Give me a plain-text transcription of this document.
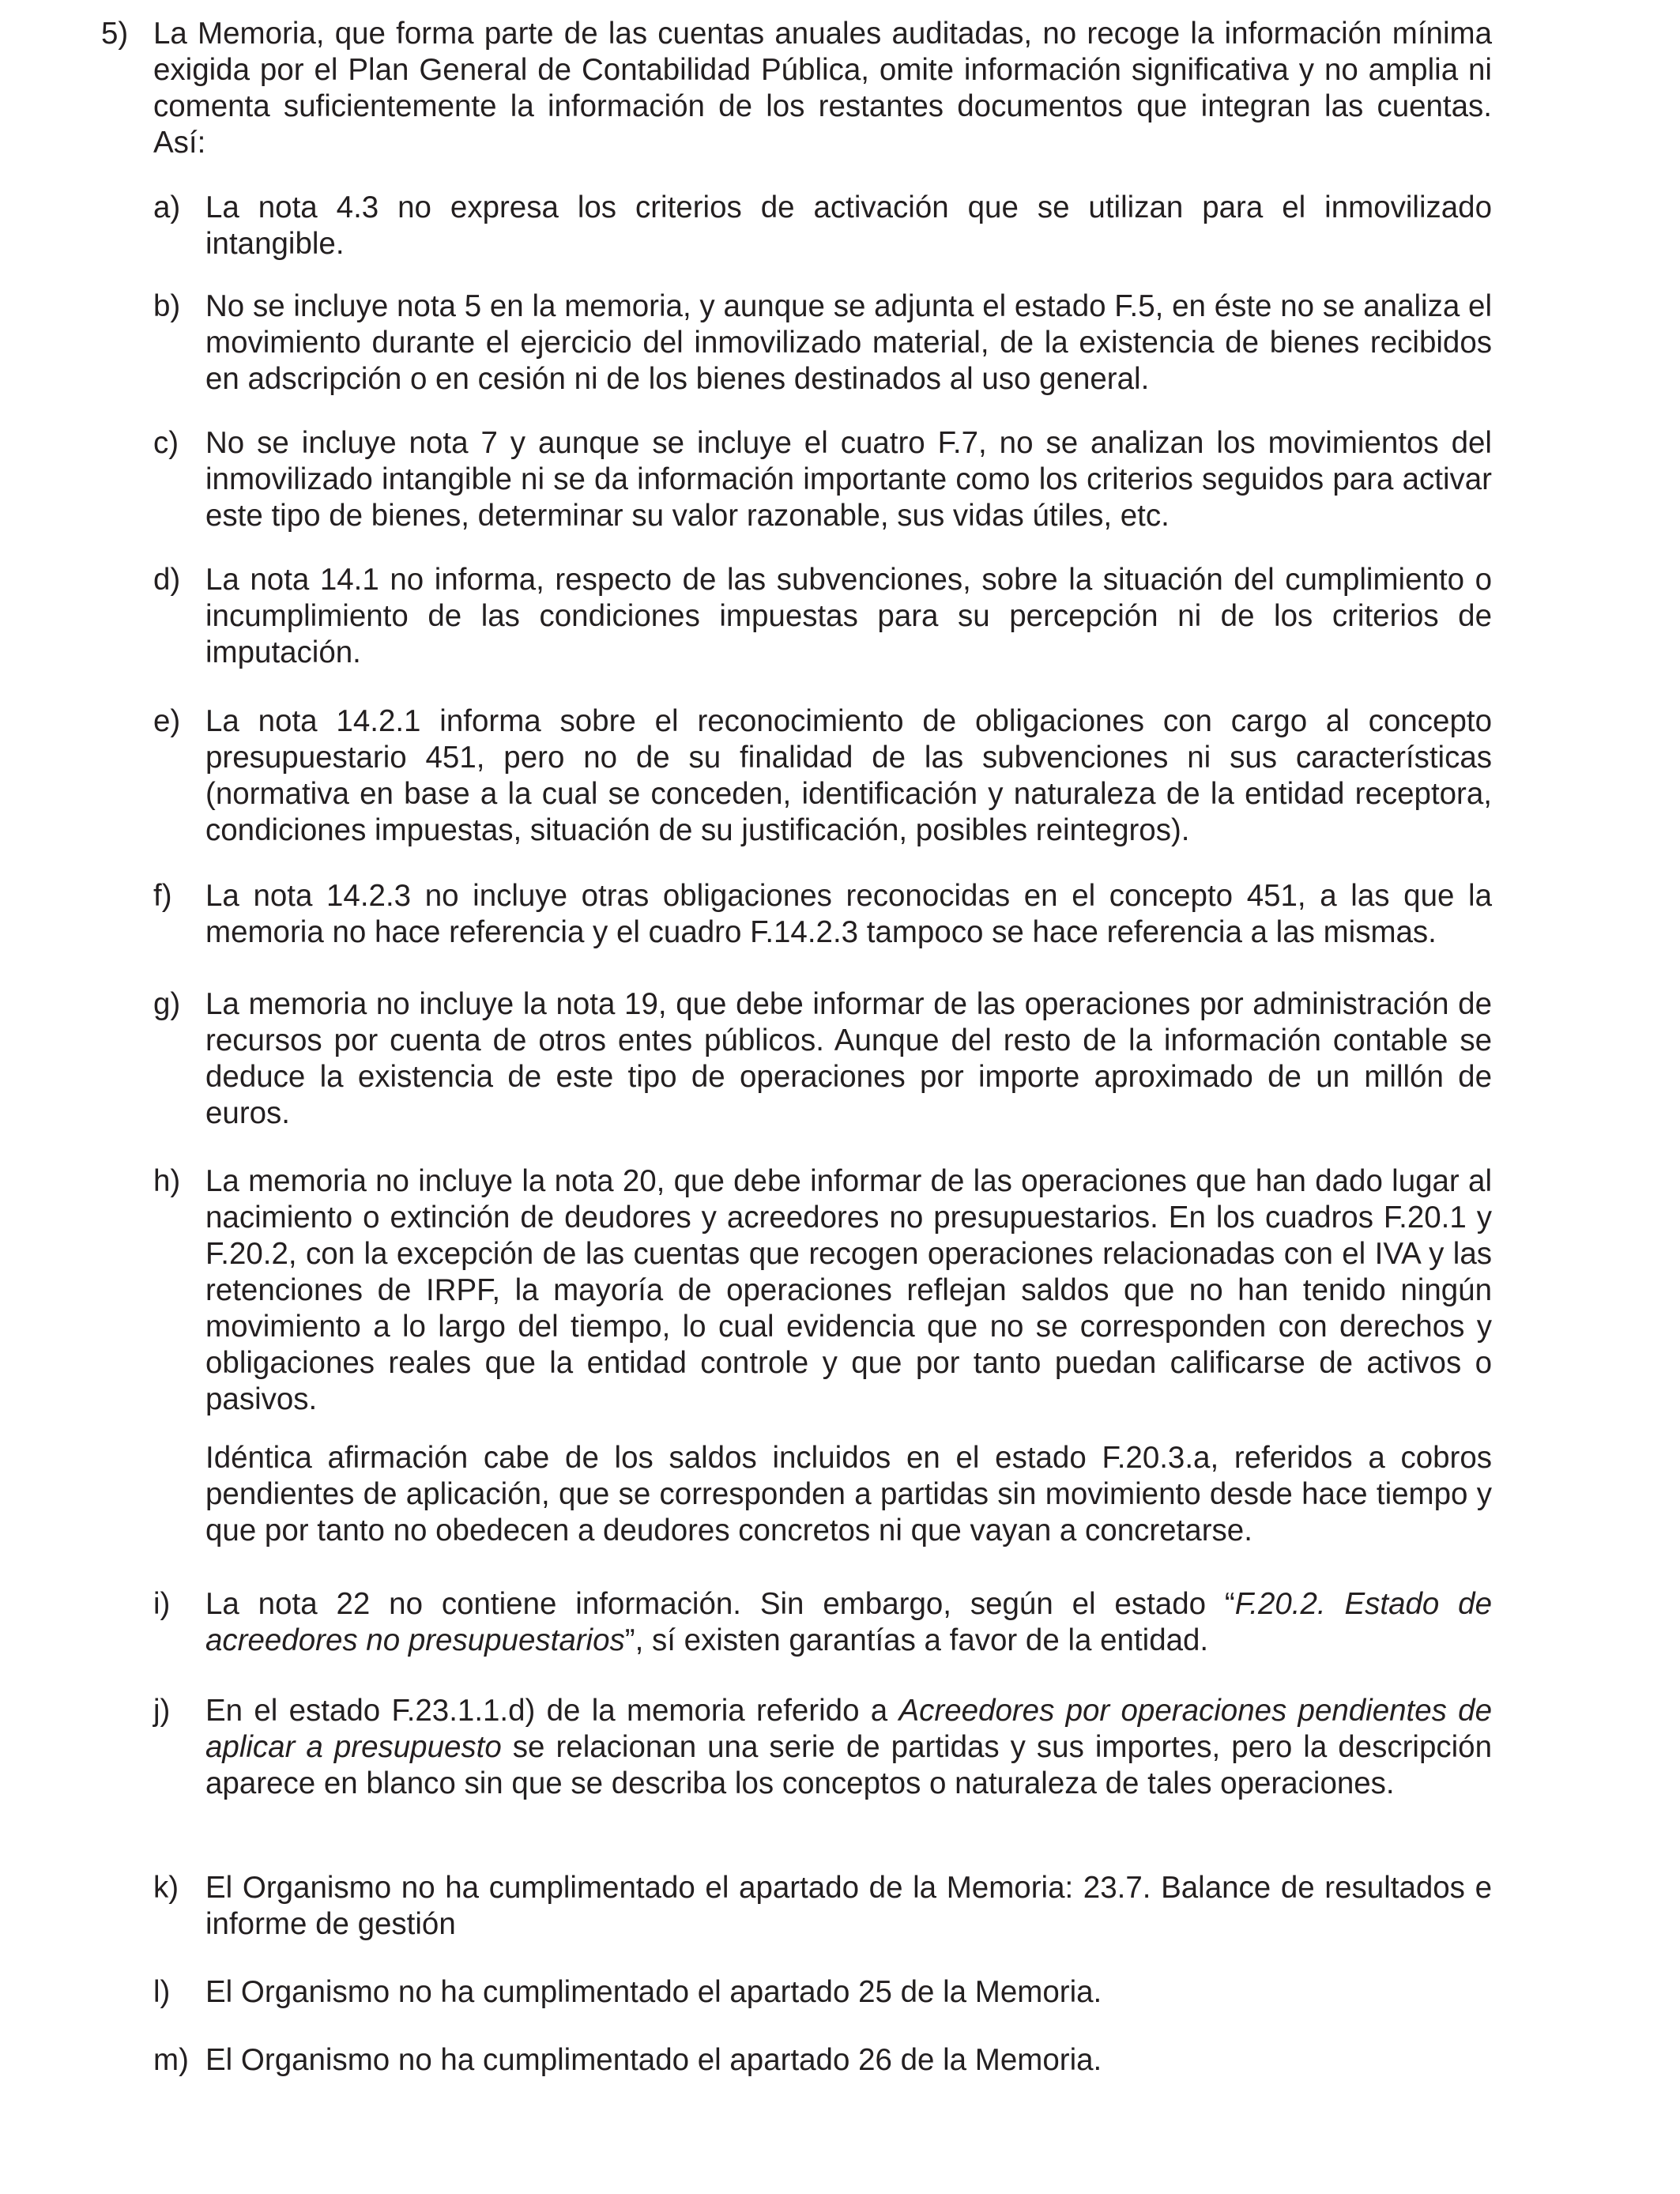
5) La Memoria, que forma parte de las cuentas anuales auditadas, no recoge la información mínima exigida por el Plan General de Contabilidad Pública, omite información significativa y no amplia ni comenta suficientemente la información de los restantes documentos que integran las cuentas. Así:
a) La nota 4.3 no expresa los criterios de activación que se utilizan para el inmovilizado intangible.
b) No se incluye nota 5 en la memoria, y aunque se adjunta el estado F.5, en éste no se analiza el movimiento durante el ejercicio del inmovilizado material, de la existencia de bienes recibidos en adscripción o en cesión ni de los bienes destinados al uso general.
c) No se incluye nota 7 y aunque se incluye el cuatro F.7, no se analizan los movimientos del inmovilizado intangible ni se da información importante como los criterios seguidos para activar este tipo de bienes, determinar su valor razonable, sus vidas útiles, etc.
d) La nota 14.1 no informa, respecto de las subvenciones, sobre la situación del cumplimiento o incumplimiento de las condiciones impuestas para su percepción ni de los criterios de imputación.
e) La nota 14.2.1 informa sobre el reconocimiento de obligaciones con cargo al concepto presupuestario 451, pero no de su finalidad de las subvenciones ni sus características (normativa en base a la cual se conceden, identificación y naturaleza de la entidad receptora, condiciones impuestas, situación de su justificación, posibles reintegros).
f) La nota 14.2.3 no incluye otras obligaciones reconocidas en el concepto 451, a las que la memoria no hace referencia y el cuadro F.14.2.3 tampoco se hace referencia a las mismas.
g) La memoria no incluye la nota 19, que debe informar de las operaciones por administración de recursos por cuenta de otros entes públicos. Aunque del resto de la información contable se deduce la existencia de este tipo de operaciones por importe aproximado de un millón de euros.
h) La memoria no incluye la nota 20, que debe informar de las operaciones que han dado lugar al nacimiento o extinción de deudores y acreedores no presupuestarios. En los cuadros F.20.1 y F.20.2, con la excepción de las cuentas que recogen operaciones relacionadas con el IVA y las retenciones de IRPF, la mayoría de operaciones reflejan saldos que no han tenido ningún movimiento a lo largo del tiempo, lo cual evidencia que no se corresponden con derechos y obligaciones reales que la entidad controle y que por tanto puedan calificarse de activos o pasivos.
Idéntica afirmación cabe de los saldos incluidos en el estado F.20.3.a, referidos a cobros pendientes de aplicación, que se corresponden a partidas sin movimiento desde hace tiempo y que por tanto no obedecen a deudores concretos ni que vayan a concretarse.
i) La nota 22 no contiene información. Sin embargo, según el estado “F.20.2. Estado de acreedores no presupuestarios”, sí existen garantías a favor de la entidad.
j) En el estado F.23.1.1.d) de la memoria referido a Acreedores por operaciones pendientes de aplicar a presupuesto se relacionan una serie de partidas y sus importes, pero la descripción aparece en blanco sin que se describa los conceptos o naturaleza de tales operaciones.
k) El Organismo no ha cumplimentado el apartado de la Memoria: 23.7. Balance de resultados e informe de gestión
l) El Organismo no ha cumplimentado el apartado 25 de la Memoria.
m) El Organismo no ha cumplimentado el apartado 26 de la Memoria.
